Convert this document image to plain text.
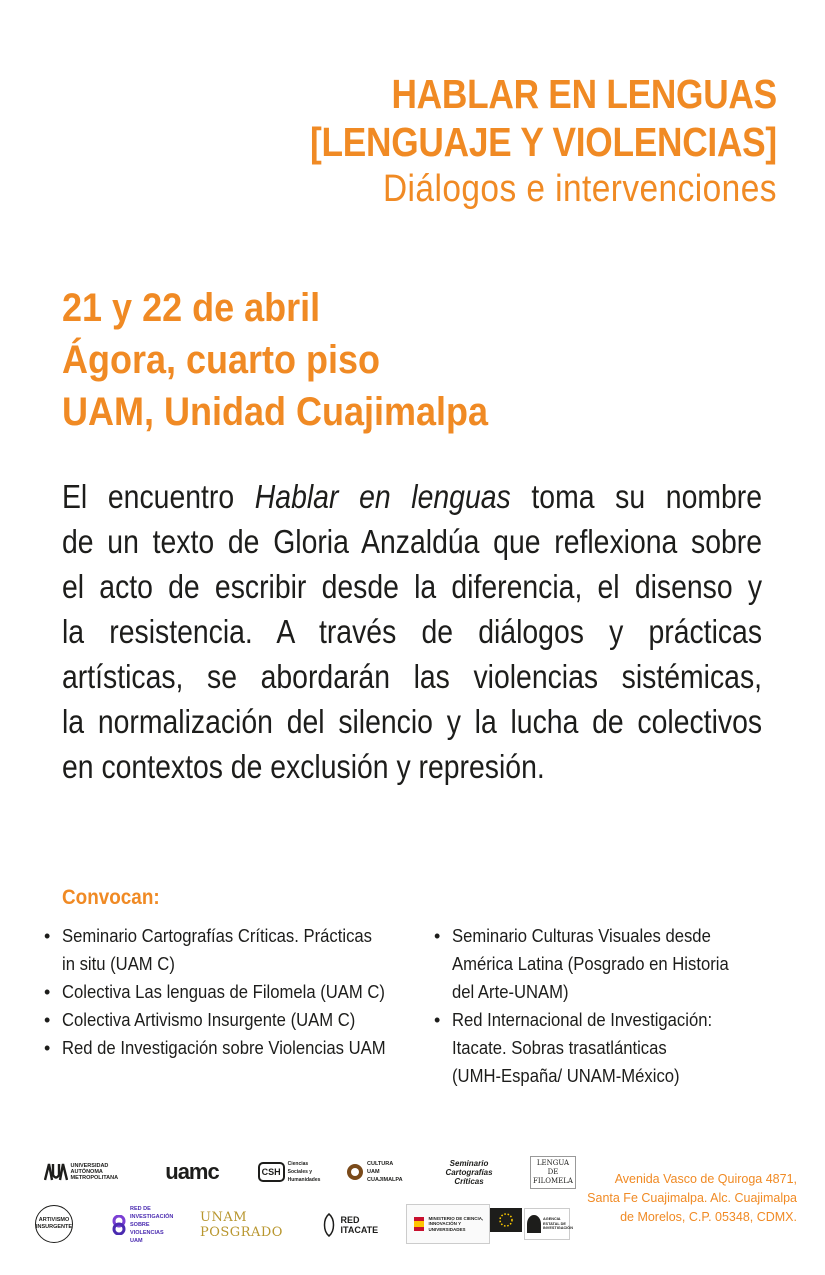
HABLAR EN LENGUAS
[LENGUAJE Y VIOLENCIAS]
Diálogos e intervenciones
21 y 22 de abril
Ágora, cuarto piso
UAM, Unidad Cuajimalpa
El encuentro Hablar en lenguas toma su nombre
de un texto de Gloria Anzaldúa que reflexiona sobre
el acto de escribir desde la diferencia, el disenso y
la resistencia. A través de diálogos y prácticas
artísticas, se abordarán las violencias sistémicas,
la normalización del silencio y la lucha de colectivos
en contextos de exclusión y represión.
Convocan:
• Seminario Cartografías Críticas. Prácticas
in situ (UAM C)
• Colectiva Las lenguas de Filomela (UAM C)
• Colectiva Artivismo Insurgente (UAM C)
• Red de Investigación sobre Violencias UAM
• Seminario Culturas Visuales desde
América Latina (Posgrado en Historia
del Arte-UNAM)
• Red Internacional de Investigación:
Itacate. Sobras trasatlánticas
(UMH-España/ UNAM-México)
UNIVERSIDAD AUTÓNOMA METROPOLITANA uamc	CSH
Ciencias Sociales y Humanidades
CULTURA UAM CUAJIMALPA
Seminario Cartografías Críticas
LENGUA DE FILOMELA
ARTIVISMO INSURGENTE
RED DE INVESTIGACIÓN SOBRE VIOLENCIAS UAM
UNAM POSGRADO
RED ITACATE
MINISTERIO DE CIENCIA, INNOVACIÓN Y UNIVERSIDADES
AGENCIA ESTATAL DE INVESTIGACIÓN
Avenida Vasco de Quiroga 4871,
Santa Fe Cuajimalpa. Alc. Cuajimalpa
de Morelos, C.P. 05348, CDMX.
